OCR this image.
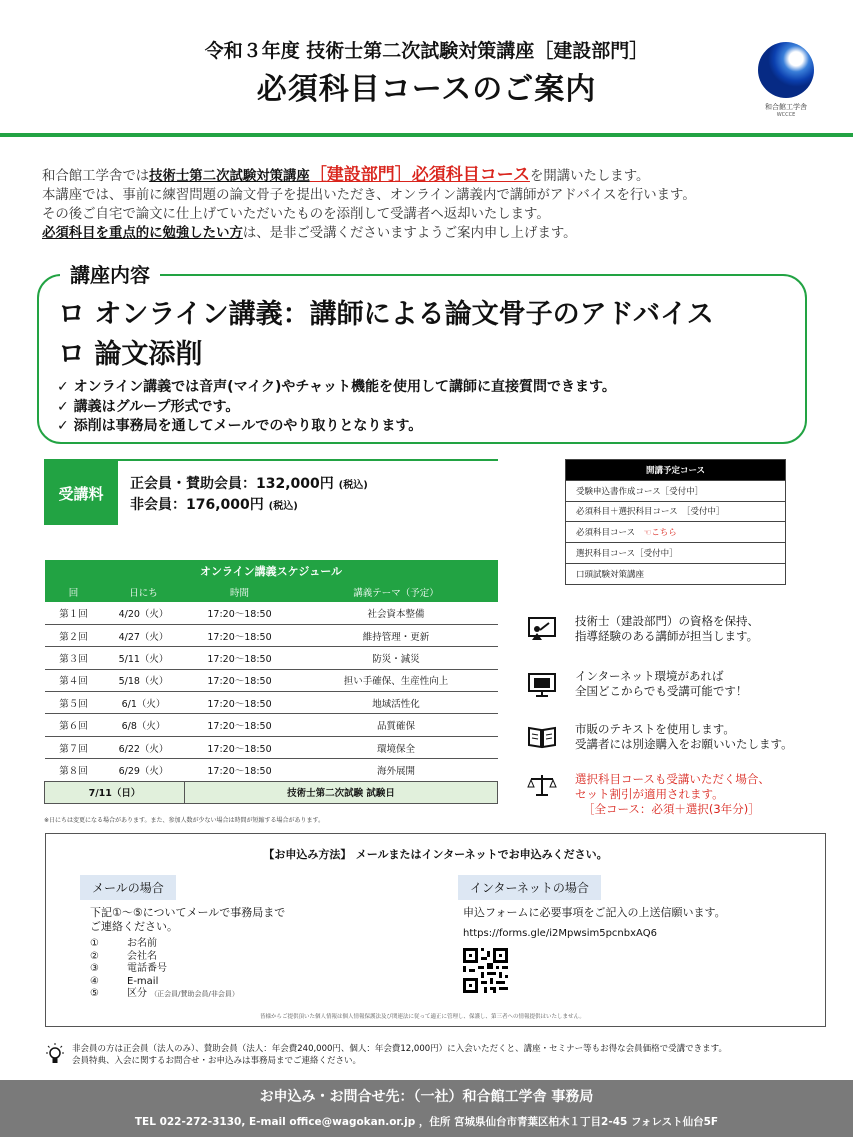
令和３年度 技術士第二次試験対策講座［建設部門］
必須科目コースのご案内	和合館工学舎
WCCCE
和合館工学舎では技術士第二次試験対策講座［建設部門］必須科目コースを開講いたします。
本講座では、事前に練習問題の論文骨子を提出いただき、オンライン講義内で講師がアドバイスを行います。
その後ご自宅で論文に仕上げていただいたものを添削して受講者へ返却いたします。
必須科目を重点的に勉強したい方は、是非ご受講くださいますようご案内申し上げます。
講座内容
ロ オンライン講義：講師による論文骨子のアドバイス
ロ 論文添削
✓ オンライン講義では音声(マイク)やチャット機能を使用して講師に直接質問できます。
✓ 講義はグループ形式です。
✓ 添削は事務局を通してメールでのやり取りとなります。
受講料
正会員・賛助会員：132,000円 (税込)
非会員：176,000円 (税込)
開講予定コース
受験申込書作成コース［受付中］
必須科目＋選択科目コース　［受付中］
必須科目コース　 ☜こちら
選択科目コース［受付中］
口頭試験対策講座
オンライン講義スケジュール			
回	日にち	時間	講義テーマ（予定）
第１回	4/20（火）	17:20～18:50	社会資本整備
第２回	4/27（火）	17:20～18:50	維持管理・更新
第３回	5/11（火）	17:20～18:50	防災・減災
第４回	5/18（火）	17:20～18:50	担い手確保、生産性向上
第５回	6/1（火）	17:20～18:50	地域活性化
第６回	6/8（火）	17:20～18:50	品質確保
第７回	6/22（火）	17:20～18:50	環境保全
第８回	6/29（火）	17:20～18:50	海外展開
7/11（日）		技術士第二次試験 試験日	
※日にちは変更になる場合があります。また、参加人数が少ない場合は時間が短縮する場合があります。
技術士（建設部門）の資格を保持、
指導経験のある講師が担当します。
インターネット環境があれば
全国どこからでも受講可能です！
市販のテキストを使用します。
受講者には別途購入をお願いいたします。
選択科目コースも受講いただく場合、
セット割引が適用されます。
［全コース：必須＋選択(3年分)］
【お申込み方法】 メールまたはインターネットでお申込みください。
メールの場合
下記①～⑤についてメールで事務局まで
ご連絡ください。
①
②
③
④
⑤
お名前
会社名
電話番号
E-mail
区分 （正会員/賛助会員/非会員）
インターネットの場合
申込フォームに必要事項をご記入の上送信願います。
https://forms.gle/i2Mpwsim5pcnbxAQ6
皆様からご提供頂いた個人情報は個人情報保護法及び関連法に従って適正に管理し、保護し、第三者への情報提供はいたしません。
非会員の方は正会員（法人のみ）、賛助会員（法人：年会費240,000円、個人：年会費12,000円）に入会いただくと、講座・セミナー等もお得な会員価格で受講できます。
会員特典、入会に関するお問合せ・お申込みは事務局までご連絡ください。
お申込み・お問合せ先：（一社）和合館工学舎 事務局
TEL 022-272-3130, E-mail office@wagokan.or.jp ，住所 宮城県仙台市青葉区柏木１丁目2-45 フォレスト仙台5F
